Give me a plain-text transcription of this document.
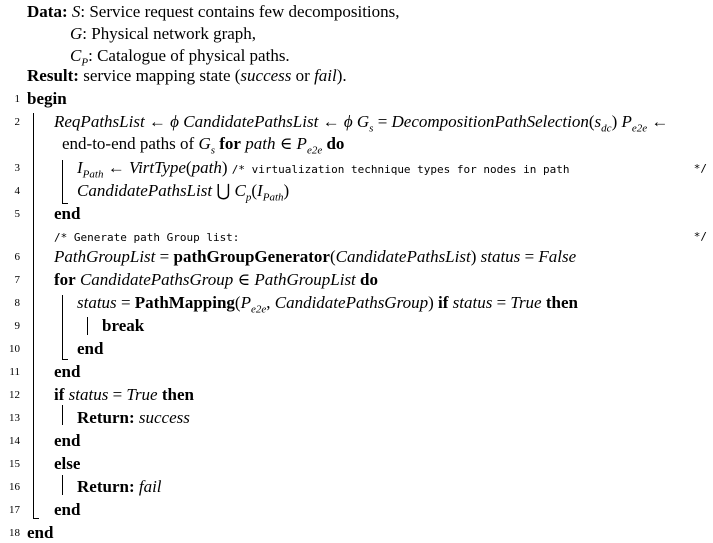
Data: S: Service request contains few decompositions,
G: Physical network graph,
$C_P$: Catalogue of physical paths.
Result: service mapping state (success or fail).
1
2
3
4
5
6
7
8
9
10
11
12
13
14
15
16
17
18
begin
ReqPathsList ← ϕ CandidatePathsList ← ϕ $G_s$ = $DecompositionPathSelection(s_{dc})$ $P_{e2e}$ ←
end-to-end paths of $G_s$ for path ∈ $P_{e2e}$ do
$I_{Path}$ ← VirtType(path) /* virtualization technique types for nodes in path	*/
CandidatePathsList ⋃ $C_p(I_{Path})$
end
/* Generate path Group list:	*/
PathGroupList = pathGroupGenerator(CandidatePathsList) status = False
for CandidatePathsGroup ∈ PathGroupList do
status = $PathMapping(P_{e2e}$, CandidatePathsGroup) if status = True then
break
end
end
if status = True then
Return: success
end
else
Return: fail
end
end
